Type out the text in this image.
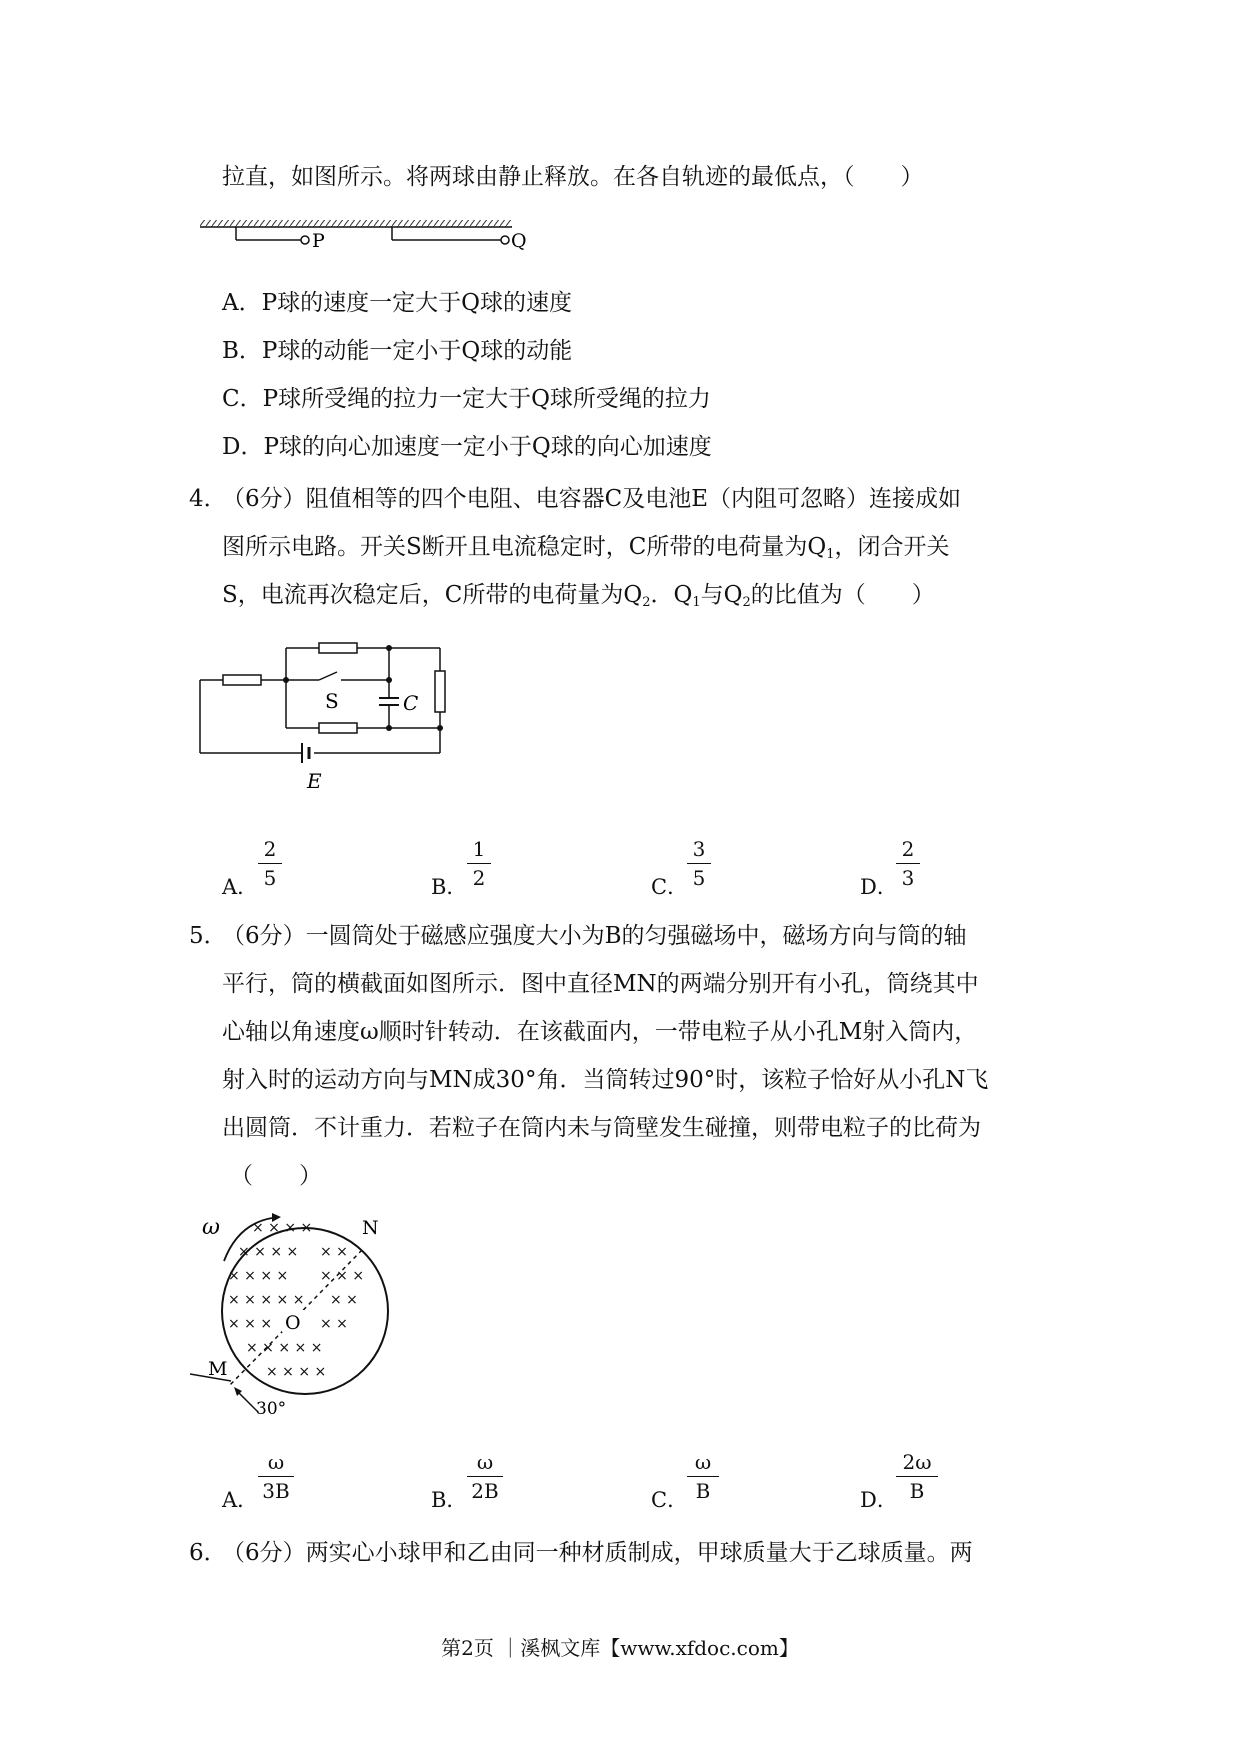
拉直，如图所示。将两球由静止释放。在各自轨迹的最低点，（　　）
P	Q
A．P球的速度一定大于Q球的速度
B．P球的动能一定小于Q球的动能
C．P球所受绳的拉力一定大于Q球所受绳的拉力
D．P球的向心加速度一定小于Q球的向心加速度
4．
（6分）阻值相等的四个电阻、电容器C及电池E（内阻可忽略）连接成如
图所示电路。开关S断开且电流稳定时，C所带的电荷量为$Q_1$，闭合开关
S，电流再次稳定后，C所带的电荷量为$Q_2$．$Q_1$与$Q_2$的比值为（　　）
S	C
E
A．
2
5	B．
1
2	C．
3
5	D．
2
3
5．
（6分）一圆筒处于磁感应强度大小为B的匀强磁场中，磁场方向与筒的轴
平行，筒的横截面如图所示．图中直径MN的两端分别开有小孔，筒绕其中
心轴以角速度ω顺时针转动．在该截面内，一带电粒子从小孔M射入筒内，
射入时的运动方向与MN成30°角．当筒转过90°时，该粒子恰好从小孔N飞
出圆筒．不计重力．若粒子在筒内未与筒壁发生碰撞，则带电粒子的比荷为
（　　）
× × × ×
× × × × × ×
× × × × × × ×
× × × × × × ×
× × ×	× ×
× × × × ×
× × × ×
ω	N
O
M
30°
A．
ω
3B	B．
ω
2B	C．
ω
B	D．
2ω
B
6．
（6分）两实心小球甲和乙由同一种材质制成，甲球质量大于乙球质量。两
第2页 ｜溪枫文库【www.xfdoc.com】
